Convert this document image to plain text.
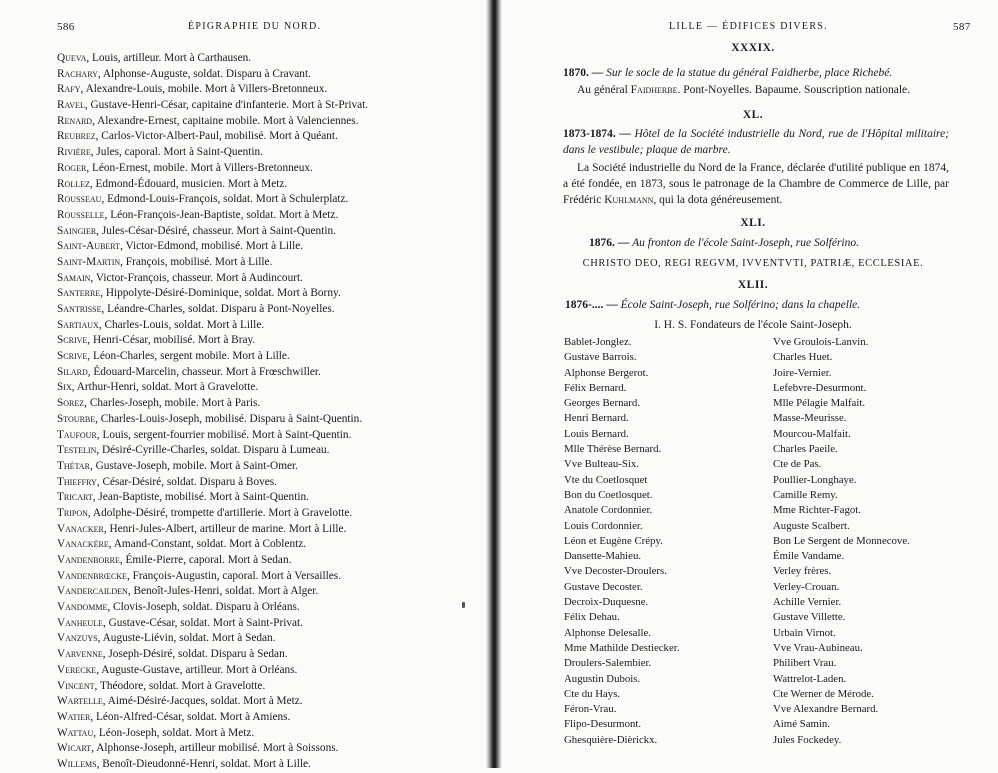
586	ÉPIGRAPHIE DU NORD.
Queva, Louis, artilleur. Mort à Carthausen.
Rachary, Alphonse-Auguste, soldat. Disparu à Cravant.
Rafy, Alexandre-Louis, mobile. Mort à Villers-Bretonneux.
Ravel, Gustave-Henri-César, capitaine d'infanterie. Mort à St-Privat.
Renard, Alexandre-Ernest, capitaine mobile. Mort à Valenciennes.
Reubrez, Carlos-Victor-Albert-Paul, mobilisé. Mort à Quéant.
Rivière, Jules, caporal. Mort à Saint-Quentin.
Roger, Léon-Ernest, mobile. Mort à Villers-Bretonneux.
Rollez, Edmond-Édouard, musicien. Mort à Metz.
Rousseau, Edmond-Louis-François, soldat. Mort à Schulerplatz.
Rousselle, Léon-François-Jean-Baptiste, soldat. Mort à Metz.
Saingier, Jules-César-Désiré, chasseur. Mort à Saint-Quentin.
Saint-Aubert, Victor-Edmond, mobilisé. Mort à Lille.
Saint-Martin, François, mobilisé. Mort à Lille.
Samain, Victor-François, chasseur. Mort à Audincourt.
Santerre, Hippolyte-Désiré-Dominique, soldat. Mort à Borny.
Santrisse, Léandre-Charles, soldat. Disparu à Pont-Noyelles.
Sartiaux, Charles-Louis, soldat. Mort à Lille.
Scrive, Henri-César, mobilisé. Mort à Bray.
Scrive, Léon-Charles, sergent mobile. Mort à Lille.
Silard, Édouard-Marcelin, chasseur. Mort à Frœschwiller.
Six, Arthur-Henri, soldat. Mort à Gravelotte.
Sorez, Charles-Joseph, mobile. Mort à Paris.
Stourbe, Charles-Louis-Joseph, mobilisé. Disparu à Saint-Quentin.
Taufour, Louis, sergent-fourrier mobilisé. Mort à Saint-Quentin.
Testelin, Désiré-Cyrille-Charles, soldat. Disparu à Lumeau.
Thétar, Gustave-Joseph, mobile. Mort à Saint-Omer.
Thieffry, César-Désiré, soldat. Disparu à Boves.
Tricart, Jean-Baptiste, mobilisé. Mort à Saint-Quentin.
Tripon, Adolphe-Désiré, trompette d'artillerie. Mort à Gravelotte.
Vanacker, Henri-Jules-Albert, artilleur de marine. Mort à Lille.
Vanackère, Amand-Constant, soldat. Mort à Coblentz.
Vandenborre, Émile-Pierre, caporal. Mort à Sedan.
Vandenbrœcke, François-Augustin, caporal. Mort à Versailles.
Vandercailden, Benoît-Jules-Henri, soldat. Mort à Alger.
Vandomme, Clovis-Joseph, soldat. Disparu à Orléans.
Vanheule, Gustave-César, soldat. Mort à Saint-Privat.
Vanzuys, Auguste-Liévin, soldat. Mort à Sedan.
Varvenne, Joseph-Désiré, soldat. Disparu à Sedan.
Verecke, Auguste-Gustave, artilleur. Mort à Orléans.
Vincent, Théodore, soldat. Mort à Gravelotte.
Wartelle, Aimé-Désiré-Jacques, soldat. Mort à Metz.
Watier, Léon-Alfred-César, soldat. Mort à Amiens.
Wattau, Léon-Joseph, soldat. Mort à Metz.
Wicart, Alphonse-Joseph, artilleur mobilisé. Mort à Soissons.
Willems, Benoît-Dieudonné-Henri, soldat. Mort à Lille.
LILLE — ÉDIFICES DIVERS.	587
XXXIX.
1870. — Sur le socle de la statue du général Faidherbe, place Richebé.
Au général Faidherbe. Pont-Noyelles. Bapaume. Souscription nationale.
XL.
1873-1874. — Hôtel de la Société industrielle du Nord, rue de l'Hôpital militaire; dans le vestibule; plaque de marbre.
La Société industrielle du Nord de la France, déclarée d'utilité publique en 1874, a été fondée, en 1873, sous le patronage de la Chambre de Commerce de Lille, par Frédéric Kuhlmann, qui la dota généreusement.
XLI.
1876. — Au fronton de l'école Saint-Joseph, rue Solférino.
CHRISTO DEO, REGI REGVM, IVVENTVTI, PATRIÆ, ECCLESIAE.
XLII.
1876-.... — École Saint-Joseph, rue Solférino; dans la chapelle.
I. H. S. Fondateurs de l'école Saint-Joseph.
Bablet-Jonglez.
Gustave Barrois.
Alphonse Bergerot.
Félix Bernard.
Georges Bernard.
Henri Bernard.
Louis Bernard.
Mlle Thérèse Bernard.
Vve Bulteau-Six.
Vte du Coetlosquet
Bon du Coetlosquet.
Anatole Cordonnier.
Louis Cordonnier.
Léon et Eugène Crépy.
Dansette-Mahieu.
Vve Decoster-Droulers.
Gustave Decoster.
Decroix-Duquesne.
Félix Dehau.
Alphonse Delesalle.
Mme Mathilde Destiecker.
Droulers-Salembier.
Augustin Dubois.
Cte du Hays.
Féron-Vrau.
Flipo-Desurmont.
Ghesquière-Dièrickx.
Vve Groulois-Lanvin.
Charles Huet.
Joire-Vernier.
Lefebvre-Desurmont.
Mlle Pélagie Malfait.
Masse-Meurisse.
Mourcou-Malfait.
Charles Paeile.
Cte de Pas.
Poullier-Longhaye.
Camille Remy.
Mme Richter-Fagot.
Auguste Scalbert.
Bon Le Sergent de Monnecove.
Émile Vandame.
Verley frères.
Verley-Crouan.
Achille Vernier.
Gustave Villette.
Urbain Virnot.
Vve Vrau-Aubineau.
Philibert Vrau.
Wattrelot-Laden.
Cte Werner de Mérode.
Vve Alexandre Bernard.
Aimé Samin.
Jules Fockedey.
